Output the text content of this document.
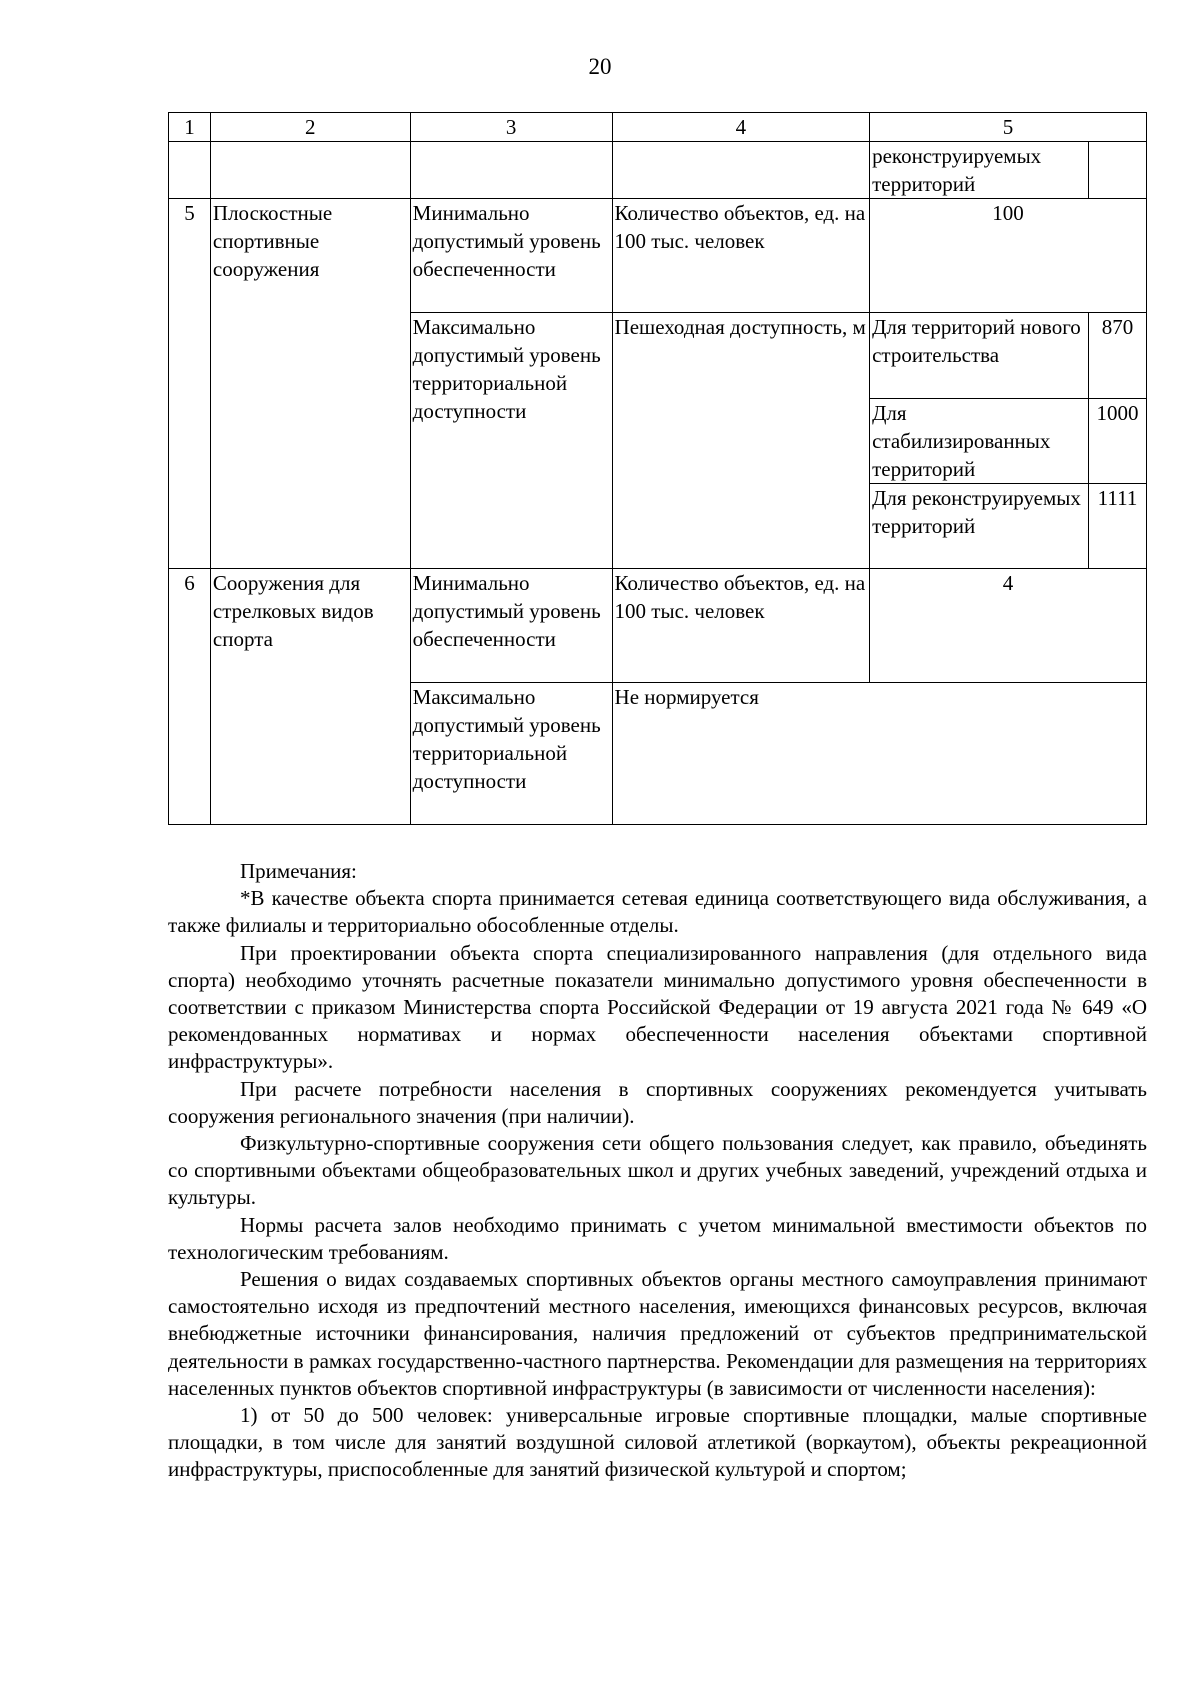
20
1	2	3	4	5	
				реконструируемых территорий	
5	Плоскостные спортивные сооружения	Минимально допустимый уровень обеспеченности	Количество объектов, ед. на 100 тыс. человек	100	
		Максимально допустимый уровень территориальной доступности	Пешеходная доступность, м	Для территорий нового строительства	870
				Для стабилизированных территорий	1000
				Для реконструируемых территорий	1111
6	Сооружения для стрелковых видов спорта	Минимально допустимый уровень обеспеченности	Количество объектов, ед. на 100 тыс. человек	4	
		Максимально допустимый уровень территориальной доступности	Не нормируется		

Примечания:

*В качестве объекта спорта принимается сетевая единица соответствующего вида обслуживания, а также филиалы и территориально обособленные отделы.

При проектировании объекта спорта специализированного направления (для отдельного вида спорта) необходимо уточнять расчетные показатели минимально допустимого уровня обеспеченности в соответствии с приказом Министерства спорта Российской Федерации от 19 августа 2021 года № 649 «О рекомендованных нормативах и нормах обеспеченности населения объектами спортивной инфраструктуры».

При расчете потребности населения в спортивных сооружениях рекомендуется учитывать сооружения регионального значения (при наличии).

Физкультурно-спортивные сооружения сети общего пользования следует, как правило, объединять со спортивными объектами общеобразовательных школ и других учебных заведений, учреждений отдыха и культуры.

Нормы расчета залов необходимо принимать с учетом минимальной вместимости объектов по технологическим требованиям.

Решения о видах создаваемых спортивных объектов органы местного самоуправления принимают самостоятельно исходя из предпочтений местного населения, имеющихся финансовых ресурсов, включая внебюджетные источники финансирования, наличия предложений от субъектов предпринимательской деятельности в рамках государственно-частного партнерства. Рекомендации для размещения на территориях населенных пунктов объектов спортивной инфраструктуры (в зависимости от численности населения):

1) от 50 до 500 человек: универсальные игровые спортивные площадки, малые спортивные площадки, в том числе для занятий воздушной силовой атлетикой (воркаутом), объекты рекреационной инфраструктуры, приспособленные для занятий физической культурой и спортом;
